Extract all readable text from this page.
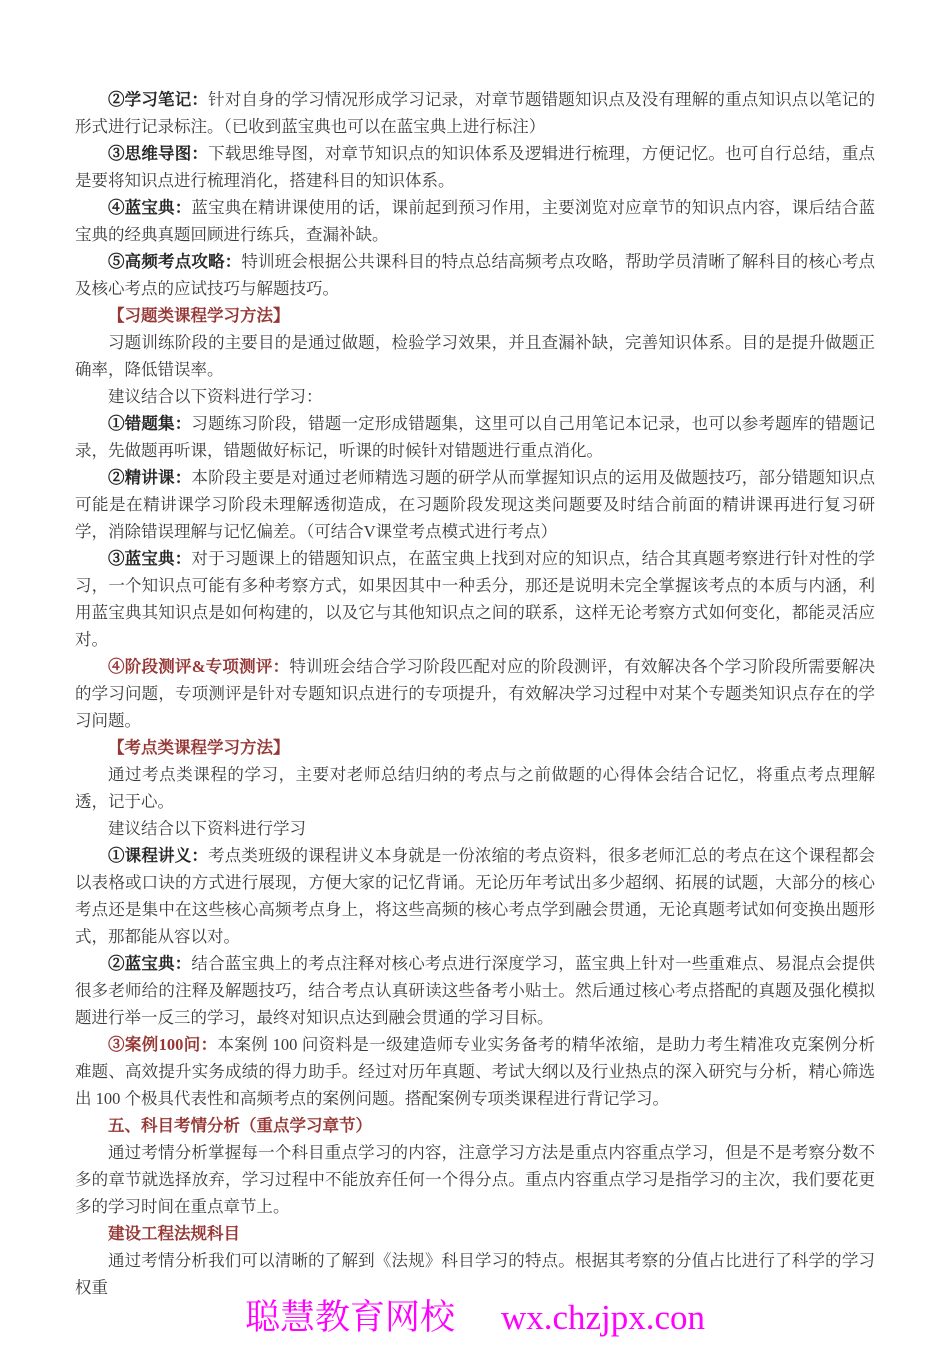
②学习笔记：针对自身的学习情况形成学习记录，对章节题错题知识点及没有理解的重点知识点以笔记的形式进行记录标注。（已收到蓝宝典也可以在蓝宝典上进行标注）

③思维导图：下载思维导图，对章节知识点的知识体系及逻辑进行梳理，方便记忆。也可自行总结，重点是要将知识点进行梳理消化，搭建科目的知识体系。

④蓝宝典：蓝宝典在精讲课使用的话，课前起到预习作用，主要浏览对应章节的知识点内容，课后结合蓝宝典的经典真题回顾进行练兵，查漏补缺。

⑤高频考点攻略：特训班会根据公共课科目的特点总结高频考点攻略，帮助学员清晰了解科目的核心考点及核心考点的应试技巧与解题技巧。

【习题类课程学习方法】

习题训练阶段的主要目的是通过做题，检验学习效果，并且查漏补缺，完善知识体系。目的是提升做题正确率，降低错误率。

建议结合以下资料进行学习：

①错题集：习题练习阶段，错题一定形成错题集，这里可以自己用笔记本记录，也可以参考题库的错题记录，先做题再听课，错题做好标记，听课的时候针对错题进行重点消化。

②精讲课：本阶段主要是对通过老师精选习题的研学从而掌握知识点的运用及做题技巧，部分错题知识点可能是在精讲课学习阶段未理解透彻造成，在习题阶段发现这类问题要及时结合前面的精讲课再进行复习研学，消除错误理解与记忆偏差。（可结合V课堂考点模式进行考点）

③蓝宝典：对于习题课上的错题知识点，在蓝宝典上找到对应的知识点，结合其真题考察进行针对性的学习，一个知识点可能有多种考察方式，如果因其中一种丢分，那还是说明未完全掌握该考点的本质与内涵，利用蓝宝典其知识点是如何构建的，以及它与其他知识点之间的联系，这样无论考察方式如何变化，都能灵活应对。

④阶段测评&专项测评：特训班会结合学习阶段匹配对应的阶段测评，有效解决各个学习阶段所需要解决的学习问题，专项测评是针对专题知识点进行的专项提升，有效解决学习过程中对某个专题类知识点存在的学习问题。

【考点类课程学习方法】

通过考点类课程的学习，主要对老师总结归纳的考点与之前做题的心得体会结合记忆，将重点考点理解透，记于心。

建议结合以下资料进行学习

①课程讲义：考点类班级的课程讲义本身就是一份浓缩的考点资料，很多老师汇总的考点在这个课程都会以表格或口诀的方式进行展现，方便大家的记忆背诵。无论历年考试出多少超纲、拓展的试题，大部分的核心考点还是集中在这些核心高频考点身上，将这些高频的核心考点学到融会贯通，无论真题考试如何变换出题形式，那都能从容以对。

②蓝宝典：结合蓝宝典上的考点注释对核心考点进行深度学习，蓝宝典上针对一些重难点、易混点会提供很多老师给的注释及解题技巧，结合考点认真研读这些备考小贴士。然后通过核心考点搭配的真题及强化模拟题进行举一反三的学习，最终对知识点达到融会贯通的学习目标。

③案例100问：本案例 100 问资料是一级建造师专业实务备考的精华浓缩，是助力考生精准攻克案例分析难题、高效提升实务成绩的得力助手。经过对历年真题、考试大纲以及行业热点的深入研究与分析，精心筛选出 100 个极具代表性和高频考点的案例问题。搭配案例专项类课程进行背记学习。

五、科目考情分析（重点学习章节）

通过考情分析掌握每一个科目重点学习的内容，注意学习方法是重点内容重点学习，但是不是考察分数不多的章节就选择放弃，学习过程中不能放弃任何一个得分点。重点内容重点学习是指学习的主次，我们要花更多的学习时间在重点章节上。

建设工程法规科目

通过考情分析我们可以清晰的了解到《法规》科目学习的特点。根据其考察的分值占比进行了科学的学习权重

聪慧教育网校 wx.chzjpx.con
